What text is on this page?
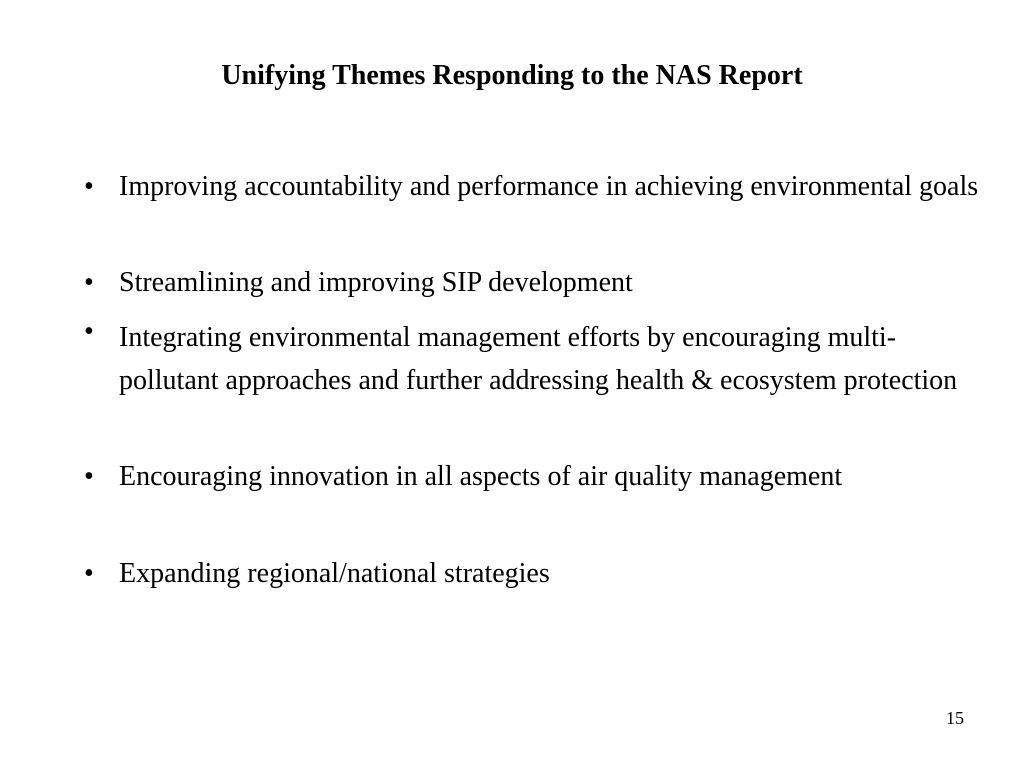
Unifying Themes Responding to the NAS Report
• Improving accountability and performance in achieving environmental goals
• Streamlining and improving SIP development
• Integrating environmental management efforts by encouraging multi-pollutant approaches and further addressing health & ecosystem protection
• Encouraging innovation in all aspects of air quality management
• Expanding regional/national strategies
15
